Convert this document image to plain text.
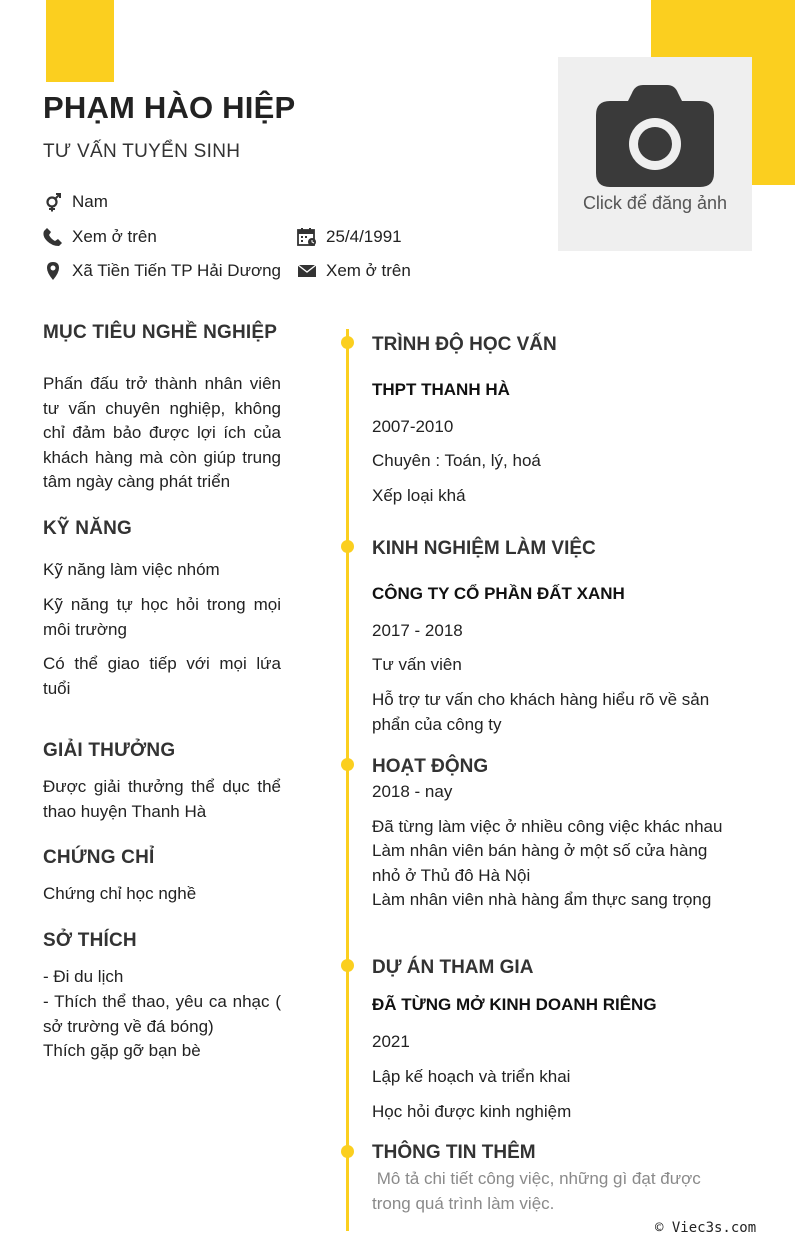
Click để đăng ảnh
PHẠM HÀO HIỆP
TƯ VẤN TUYỂN SINH
Nam
Xem ở trên	25/4/1991
Xã Tiền Tiến TP Hải Dương	Xem ở trên
MỤC TIÊU NGHỀ NGHIỆP
Phấn đấu trở thành nhân viên tư vấn chuyên nghiệp, không chỉ đảm bảo được lợi ích của khách hàng mà còn giúp trung tâm ngày càng phát triển
KỸ NĂNG
Kỹ năng làm việc nhóm
Kỹ năng tự học hỏi trong mọi môi trường
Có thể giao tiếp với mọi lứa tuổi
GIẢI THƯỞNG
Được giải thưởng thể dục thể thao huyện Thanh Hà
CHỨNG CHỈ
Chứng chỉ học nghề
SỞ THÍCH
- Đi du lịch
- Thích thể thao, yêu ca nhạc ( sở trường về đá bóng)
Thích gặp gỡ bạn bè
TRÌNH ĐỘ HỌC VẤN
THPT THANH HÀ
2007-2010
Chuyên : Toán, lý, hoá
Xếp loại khá
KINH NGHIỆM LÀM VIỆC
CÔNG TY CỔ PHẦN ĐẤT XANH
2017 - 2018
Tư vấn viên
Hỗ trợ tư vấn cho khách hàng hiểu rõ về sản phẩn của công ty
HOẠT ĐỘNG
2018 - nay
Đã từng làm việc ở nhiều công việc khác nhau
Làm nhân viên bán hàng ở một số cửa hàng nhỏ ở Thủ đô Hà Nội
Làm nhân viên nhà hàng ẩm thực sang trọng
DỰ ÁN THAM GIA
ĐÃ TỪNG MỞ KINH DOANH RIÊNG
2021
Lập kế hoạch và triển khai
Học hỏi được kinh nghiệm
THÔNG TIN THÊM
Mô tả chi tiết công việc, những gì đạt được trong quá trình làm việc.
© Viec3s.com
